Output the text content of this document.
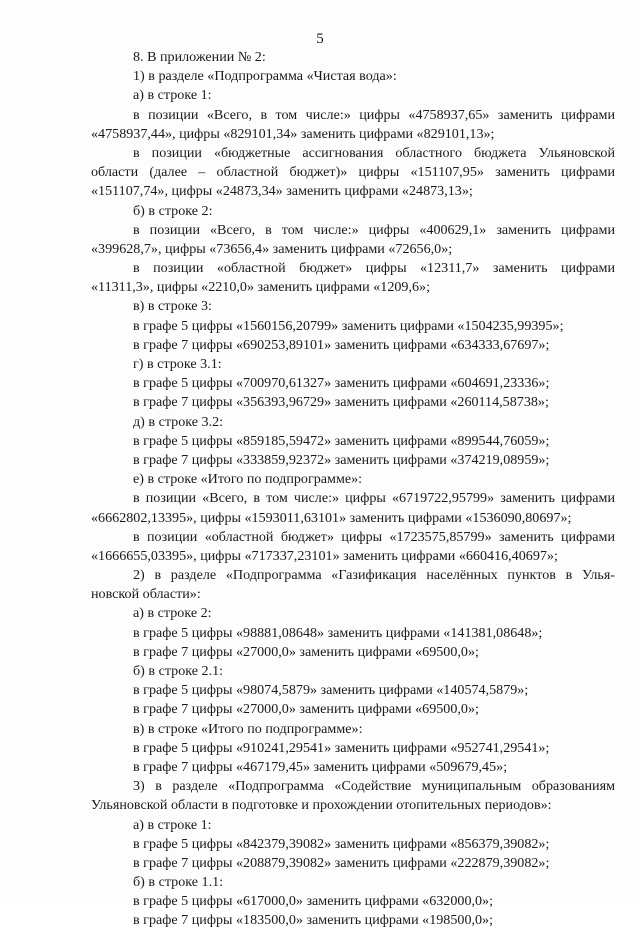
5
8. В приложении № 2:
1) в разделе «Подпрограмма «Чистая вода»:
а) в строке 1:
в позиции «Всего, в том числе:» цифры «4758937,65» заменить цифрами
«4758937,44», цифры «829101,34» заменить цифрами «829101,13»;
в позиции «бюджетные ассигнования областного бюджета Ульяновской
области (далее – областной бюджет)» цифры «151107,95» заменить цифрами
«151107,74», цифры «24873,34» заменить цифрами «24873,13»;
б) в строке 2:
в позиции «Всего, в том числе:» цифры «400629,1» заменить цифрами
«399628,7», цифры «73656,4» заменить цифрами «72656,0»;
в позиции «областной бюджет» цифры «12311,7» заменить цифрами
«11311,3», цифры «2210,0» заменить цифрами «1209,6»;
в) в строке 3:
в графе 5 цифры «1560156,20799» заменить цифрами «1504235,99395»;
в графе 7 цифры «690253,89101» заменить цифрами «634333,67697»;
г) в строке 3.1:
в графе 5 цифры «700970,61327» заменить цифрами «604691,23336»;
в графе 7 цифры «356393,96729» заменить цифрами «260114,58738»;
д) в строке 3.2:
в графе 5 цифры «859185,59472» заменить цифрами «899544,76059»;
в графе 7 цифры «333859,92372» заменить цифрами «374219,08959»;
е) в строке «Итого по подпрограмме»:
в позиции «Всего, в том числе:» цифры «6719722,95799» заменить цифрами
«6662802,13395», цифры «1593011,63101» заменить цифрами «1536090,80697»;
в позиции «областной бюджет» цифры «1723575,85799» заменить цифрами
«1666655,03395», цифры «717337,23101» заменить цифрами «660416,40697»;
2) в разделе «Подпрограмма «Газификация населённых пунктов в Улья-
новской области»:
а) в строке 2:
в графе 5 цифры «98881,08648» заменить цифрами «141381,08648»;
в графе 7 цифры «27000,0» заменить цифрами «69500,0»;
б) в строке 2.1:
в графе 5 цифры «98074,5879» заменить цифрами «140574,5879»;
в графе 7 цифры «27000,0» заменить цифрами «69500,0»;
в) в строке «Итого по подпрограмме»:
в графе 5 цифры «910241,29541» заменить цифрами «952741,29541»;
в графе 7 цифры «467179,45» заменить цифрами «509679,45»;
3) в разделе «Подпрограмма «Содействие муниципальным образованиям
Ульяновской области в подготовке и прохождении отопительных периодов»:
а) в строке 1:
в графе 5 цифры «842379,39082» заменить цифрами «856379,39082»;
в графе 7 цифры «208879,39082» заменить цифрами «222879,39082»;
б) в строке 1.1:
в графе 5 цифры «617000,0» заменить цифрами «632000,0»;
в графе 7 цифры «183500,0» заменить цифрами «198500,0»;
